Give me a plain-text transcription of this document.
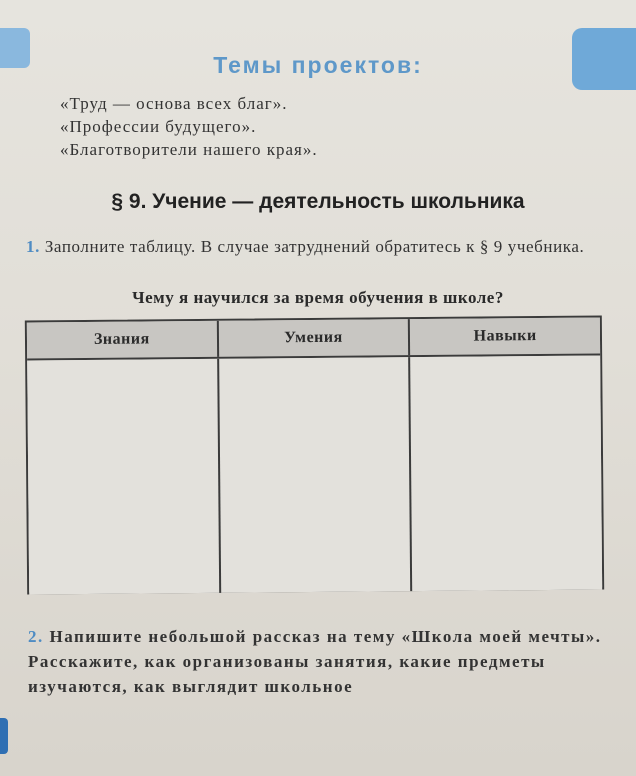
Темы проектов:
«Труд — основа всех благ».
«Профессии будущего».
«Благотворители нашего края».
§ 9. Учение — деятельность школьника
1. Заполните таблицу. В случае затруднений обратитесь к § 9 учебника.
Чему я научился за время обучения в школе?
Знания	Умения	Навыки
2. Напишите небольшой рассказ на тему «Школа моей мечты». Расскажите, как организованы занятия, какие предметы изучаются, как выглядит школьное
